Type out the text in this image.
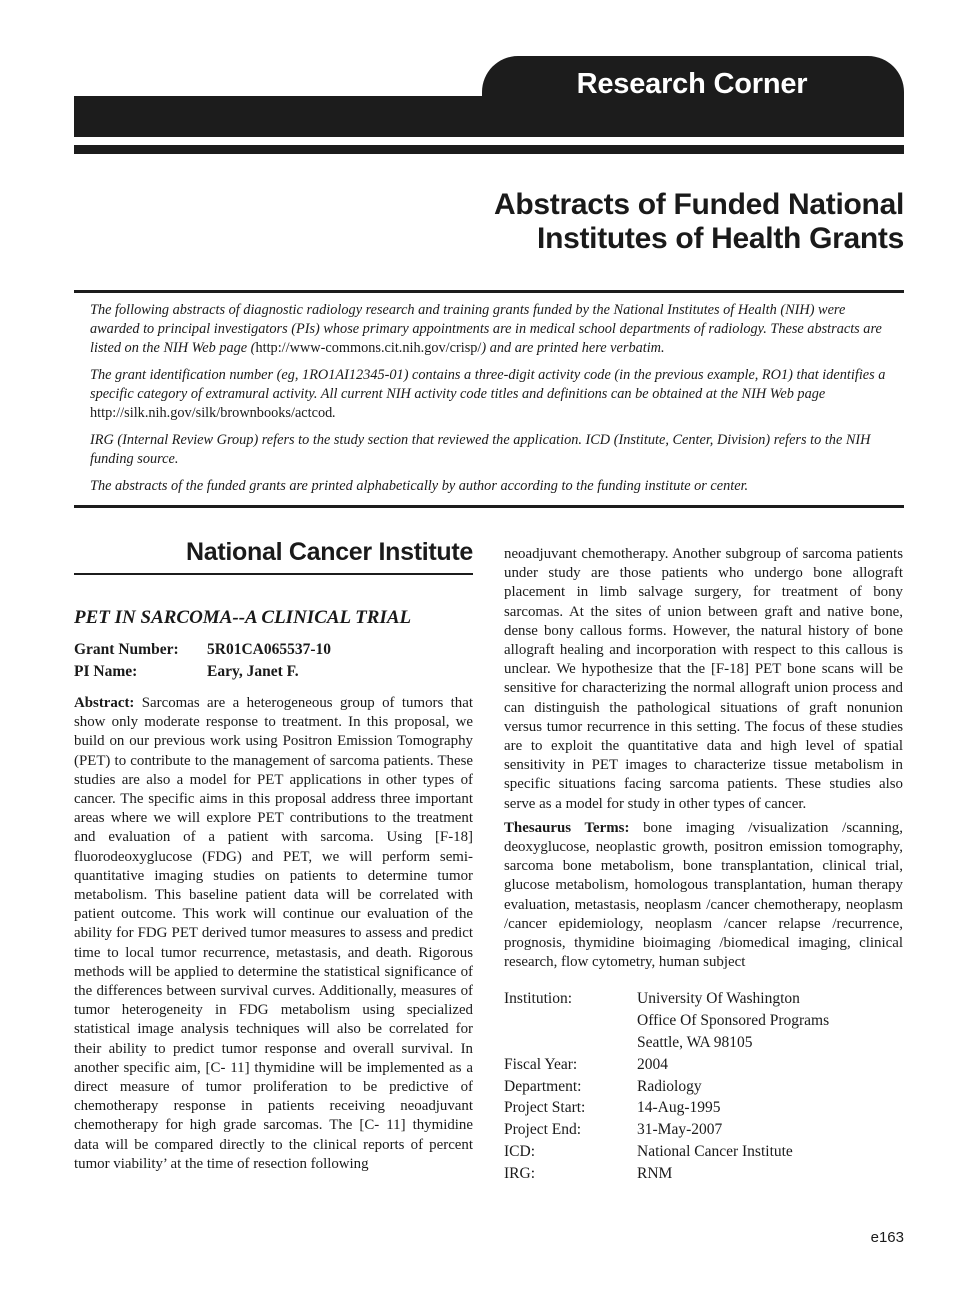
Research Corner
Abstracts of Funded National
Institutes of Health Grants

The following abstracts of diagnostic radiology research and training grants funded by the National Institutes of Health (NIH) were awarded to principal investigators (PIs) whose primary appointments are in medical school departments of radiology. These abstracts are listed on the NIH Web page (http://www-commons.cit.nih.gov/crisp/) and are printed here verbatim.

The grant identification number (eg, 1RO1AI12345-01) contains a three-digit activity code (in the previous example, RO1) that identifies a specific category of extramural activity. All current NIH activity code titles and definitions can be obtained at the NIH Web page http://silk.nih.gov/silk/brownbooks/actcod.

IRG (Internal Review Group) refers to the study section that reviewed the application. ICD (Institute, Center, Division) refers to the NIH funding source.

The abstracts of the funded grants are printed alphabetically by author according to the funding institute or center.

National Cancer Institute
PET IN SARCOMA--A CLINICAL TRIAL
Grant Number: 5R01CA065537-10
PI Name:	Eary, Janet F.
Abstract: Sarcomas are a heterogeneous group of tumors that show only moderate response to treatment. In this proposal, we build on our previous work using Positron Emission Tomography (PET) to contribute to the management of sarcoma patients. These studies are also a model for PET applications in other types of cancer. The specific aims in this proposal address three important areas where we will explore PET contributions to the treatment and evaluation of a patient with sarcoma. Using [F-18] fluorodeoxyglucose (FDG) and PET, we will perform semi-quantitative imaging studies on patients to determine tumor metabolism. This baseline patient data will be correlated with patient outcome. This work will continue our evaluation of the ability for FDG PET derived tumor measures to assess and predict time to local tumor recurrence, metastasis, and death. Rigorous methods will be applied to determine the statistical significance of the differences between survival curves. Additionally, measures of tumor heterogeneity in FDG metabolism using specialized statistical image analysis techniques will also be correlated for their ability to predict tumor response and overall survival. In another specific aim, [C- 11] thymidine will be implemented as a direct measure of tumor proliferation to be predictive of chemotherapy response in patients receiving neoadjuvant chemotherapy for high grade sarcomas. The [C- 11] thymidine data will be compared directly to the clinical reports of percent tumor viability’ at the time of resection following

neoadjuvant chemotherapy. Another subgroup of sarcoma patients under study are those patients who undergo bone allograft placement in limb salvage surgery, for treatment of bony sarcomas. At the sites of union between graft and native bone, dense bony callous forms. However, the natural history of bone allograft healing and incorporation with respect to this callous is unclear. We hypothesize that the [F-18] PET bone scans will be sensitive for characterizing the normal allograft union process and can distinguish the pathological situations of graft nonunion versus tumor recurrence in this setting. The focus of these studies are to exploit the quantitative data and high level of spatial sensitivity in PET images to characterize tissue metabolism in specific situations facing sarcoma patients. These studies also serve as a model for study in other types of cancer.

Thesaurus Terms: bone imaging /visualization /scanning, deoxyglucose, neoplastic growth, positron emission tomography, sarcoma bone metabolism, bone transplantation, clinical trial, glucose metabolism, homologous transplantation, human therapy evaluation, metastasis, neoplasm /cancer chemotherapy, neoplasm /cancer epidemiology, neoplasm /cancer relapse /recurrence, prognosis, thymidine bioimaging /biomedical imaging, clinical research, flow cytometry, human subject

Institution:	University Of Washington
Office Of Sponsored Programs
Seattle, WA 98105
Fiscal Year:	2004
Department:	Radiology
Project Start:	14-Aug-1995
Project End:	31-May-2007
ICD:	National Cancer Institute
IRG:	RNM
e163
